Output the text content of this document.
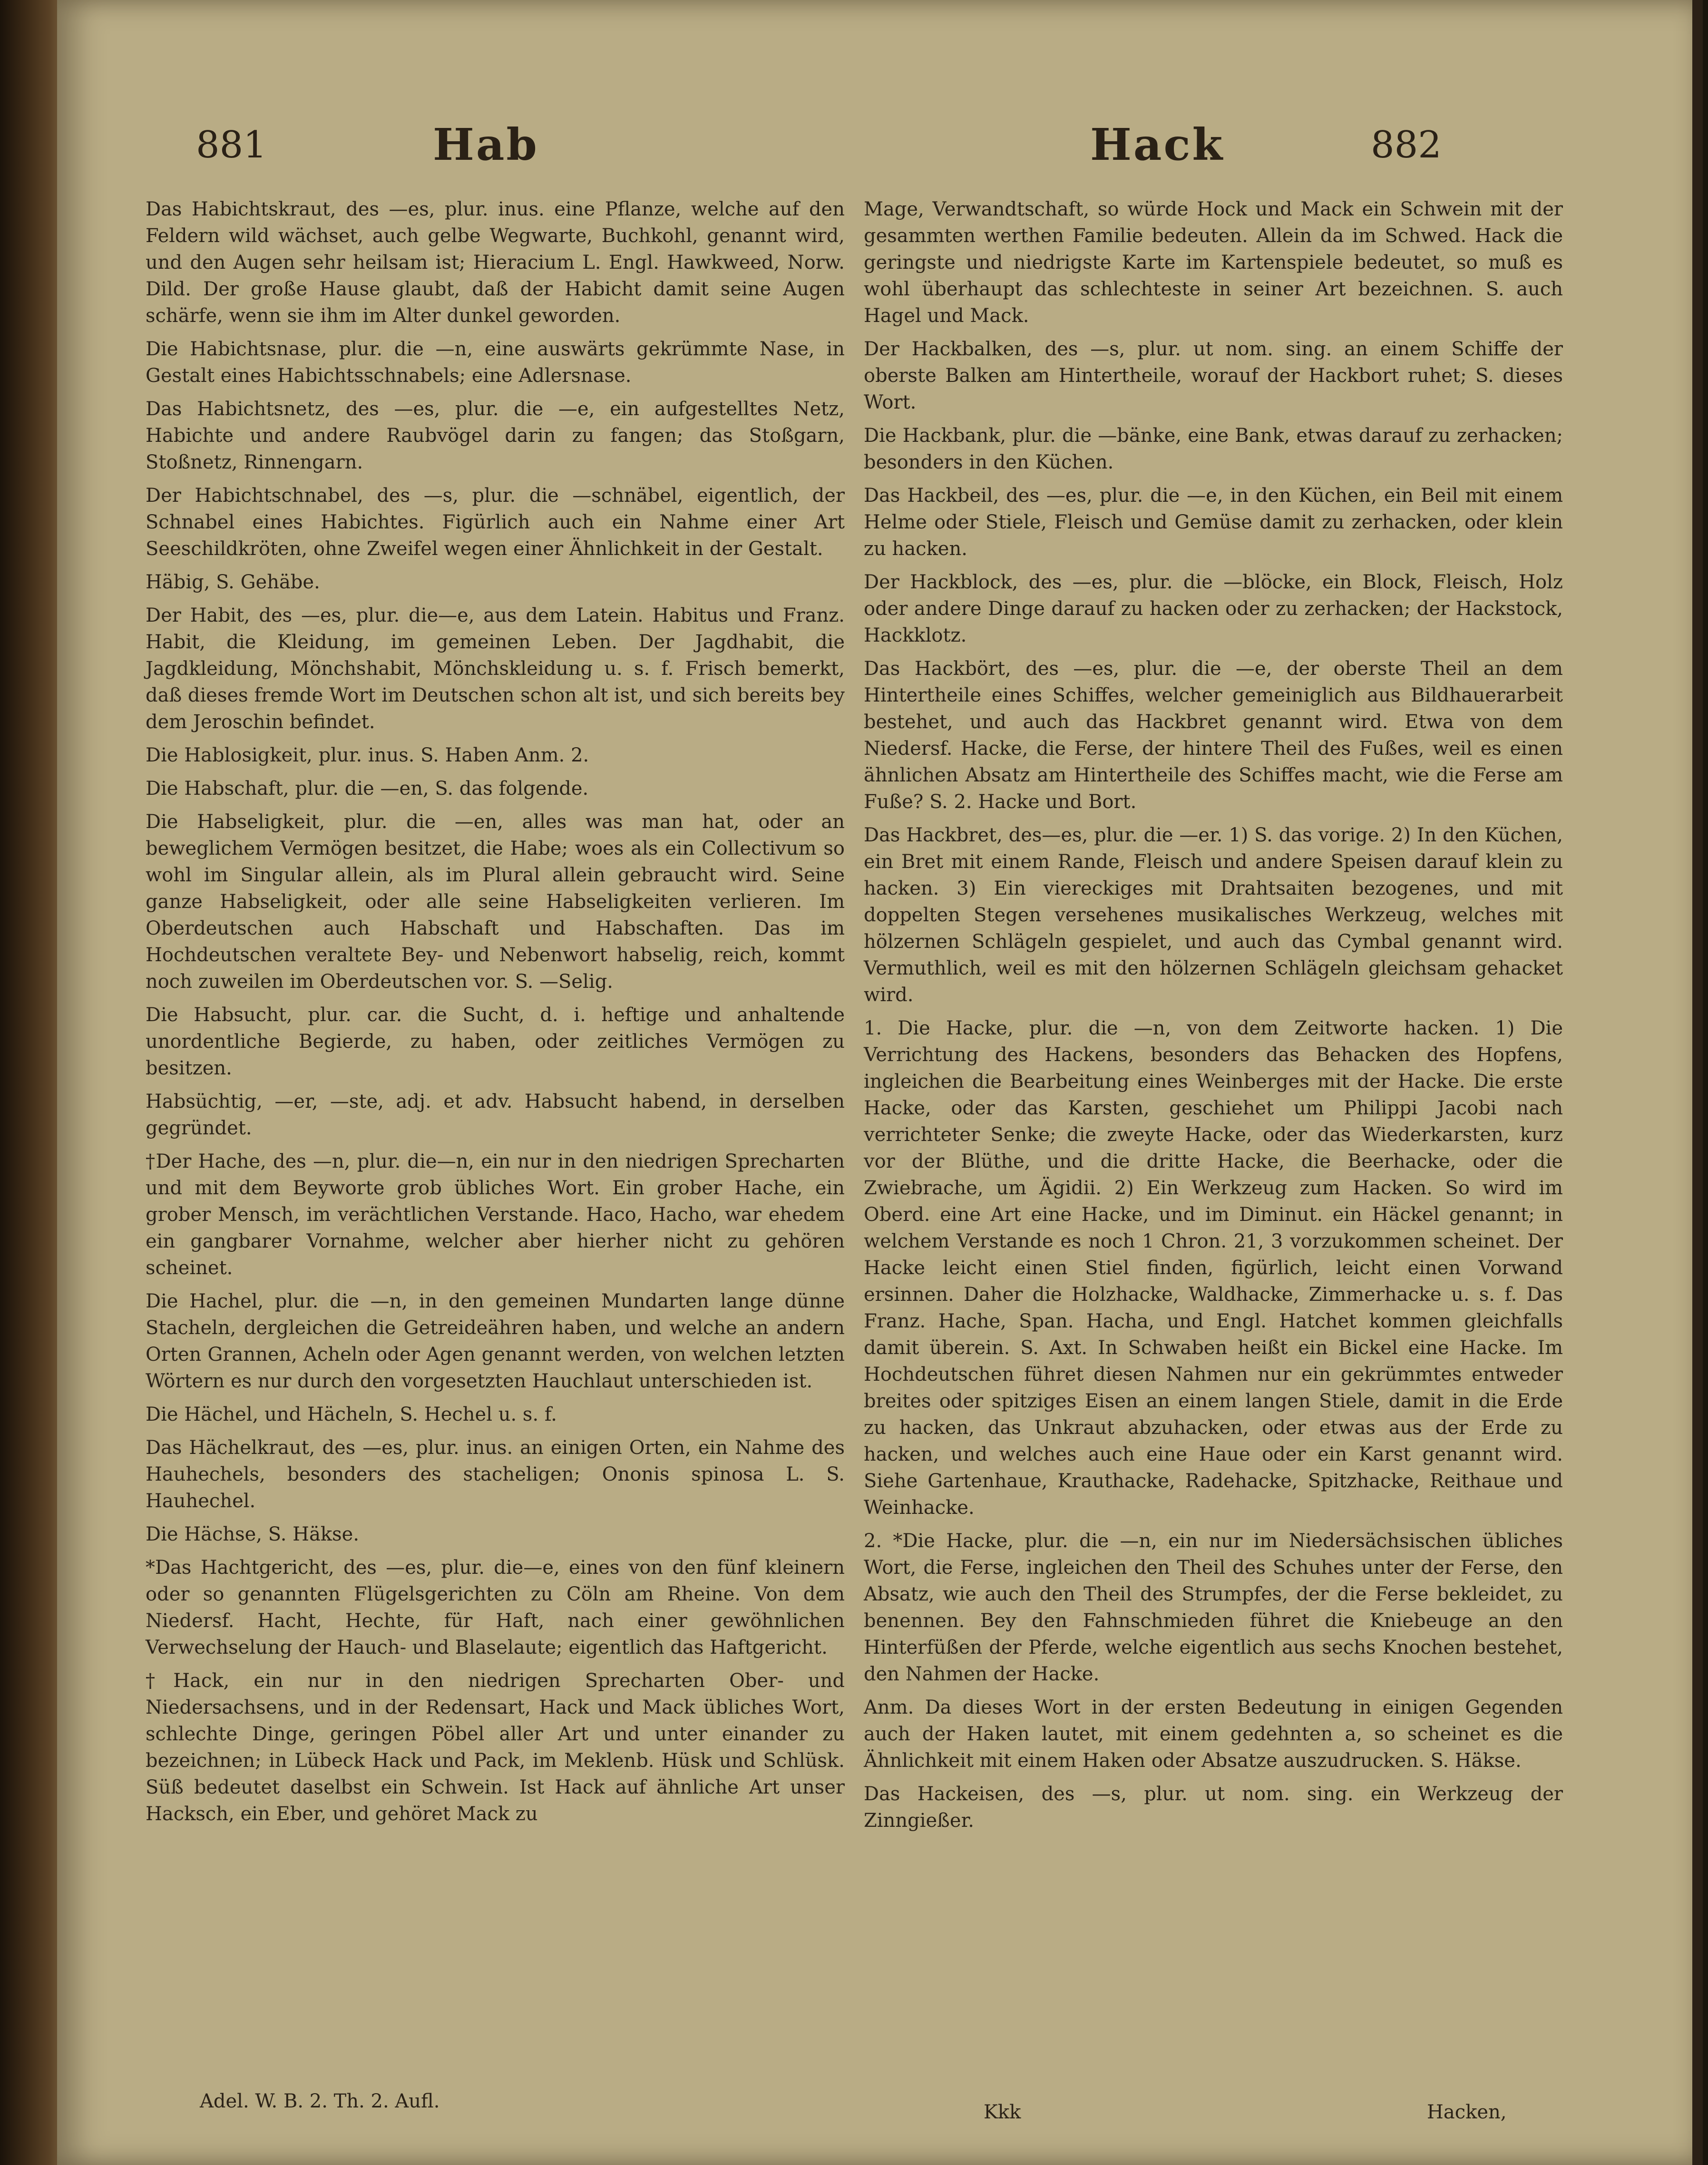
881	Hab	Hack	882

Das Habichtskraut, des —es, plur. inus. eine Pflanze, welche auf den Feldern wild wächset, auch gelbe Wegwarte, Buchkohl, genannt wird, und den Augen sehr heilsam ist; Hieracium L. Engl. Hawkweed, Norw. Dild. Der große Hause glaubt, daß der Habicht damit seine Augen schärfe, wenn sie ihm im Alter dunkel geworden.

Die Habichtsnase, plur. die —n, eine auswärts gekrümmte Nase, in Gestalt eines Habichtsschnabels; eine Adlersnase.

Das Habichtsnetz, des —es, plur. die —e, ein aufgestelltes Netz, Habichte und andere Raubvögel darin zu fangen; das Stoßgarn, Stoßnetz, Rinnengarn.

Der Habichtschnabel, des —s, plur. die —schnäbel, eigentlich, der Schnabel eines Habichtes. Figürlich auch ein Nahme einer Art Seeschildkröten, ohne Zweifel wegen einer Ähnlichkeit in der Gestalt.

Häbig, S. Gehäbe.

Der Habit, des —es, plur. die—e, aus dem Latein. Habitus und Franz. Habit, die Kleidung, im gemeinen Leben. Der Jagdhabit, die Jagdkleidung, Mönchshabit, Mönchskleidung u. s. f. Frisch bemerkt, daß dieses fremde Wort im Deutschen schon alt ist, und sich bereits bey dem Jeroschin befindet.

Die Hablosigkeit, plur. inus. S. Haben Anm. 2.

Die Habschaft, plur. die —en, S. das folgende.

Die Habseligkeit, plur. die —en, alles was man hat, oder an beweglichem Vermögen besitzet, die Habe; woes als ein Collectivum so wohl im Singular allein, als im Plural allein gebraucht wird. Seine ganze Habseligkeit, oder alle seine Habseligkeiten verlieren. Im Oberdeutschen auch Habschaft und Habschaften. Das im Hochdeutschen veraltete Bey- und Nebenwort habselig, reich, kommt noch zuweilen im Oberdeutschen vor. S. —Selig.

Die Habsucht, plur. car. die Sucht, d. i. heftige und anhaltende unordentliche Begierde, zu haben, oder zeitliches Vermögen zu besitzen.

Habsüchtig, —er, —ste, adj. et adv. Habsucht habend, in derselben gegründet.

†Der Hache, des —n, plur. die—n, ein nur in den niedrigen Sprecharten und mit dem Beyworte grob übliches Wort. Ein grober Hache, ein grober Mensch, im verächtlichen Verstande. Haco, Hacho, war ehedem ein gangbarer Vornahme, welcher aber hierher nicht zu gehören scheinet.

Die Hachel, plur. die —n, in den gemeinen Mundarten lange dünne Stacheln, dergleichen die Getreideähren haben, und welche an andern Orten Grannen, Acheln oder Agen genannt werden, von welchen letzten Wörtern es nur durch den vorgesetzten Hauchlaut unterschieden ist.

Die Hächel, und Hächeln, S. Hechel u. s. f.

Das Hächelkraut, des —es, plur. inus. an einigen Orten, ein Nahme des Hauhechels, besonders des stacheligen; Ononis spinosa L. S. Hauhechel.

Die Hächse, S. Häkse.

*Das Hachtgericht, des —es, plur. die—e, eines von den fünf kleinern oder so genannten Flügelsgerichten zu Cöln am Rheine. Von dem Niedersf. Hacht, Hechte, für Haft, nach einer gewöhnlichen Verwechselung der Hauch- und Blaselaute; eigentlich das Haftgericht.

†Hack, ein nur in den niedrigen Sprecharten Ober- und Niedersachsens, und in der Redensart, Hack und Mack übliches Wort, schlechte Dinge, geringen Pöbel aller Art und unter einander zu bezeichnen; in Lübeck Hack und Pack, im Meklenb. Hüsk und Schlüsk. Süß bedeutet daselbst ein Schwein. Ist Hack auf ähnliche Art unser Hacksch, ein Eber, und gehöret Mack zu

Mage, Verwandtschaft, so würde Hock und Mack ein Schwein mit der gesammten werthen Familie bedeuten. Allein da im Schwed. Hack die geringste und niedrigste Karte im Kartenspiele bedeutet, so muß es wohl überhaupt das schlechteste in seiner Art bezeichnen. S. auch Hagel und Mack.

Der Hackbalken, des —s, plur. ut nom. sing. an einem Schiffe der oberste Balken am Hintertheile, worauf der Hackbort ruhet; S. dieses Wort.

Die Hackbank, plur. die —bänke, eine Bank, etwas darauf zu zerhacken; besonders in den Küchen.

Das Hackbeil, des —es, plur. die —e, in den Küchen, ein Beil mit einem Helme oder Stiele, Fleisch und Gemüse damit zu zerhacken, oder klein zu hacken.

Der Hackblock, des —es, plur. die —blöcke, ein Block, Fleisch, Holz oder andere Dinge darauf zu hacken oder zu zerhacken; der Hackstock, Hackklotz.

Das Hackbört, des —es, plur. die —e, der oberste Theil an dem Hintertheile eines Schiffes, welcher gemeiniglich aus Bildhauerarbeit bestehet, und auch das Hackbret genannt wird. Etwa von dem Niedersf. Hacke, die Ferse, der hintere Theil des Fußes, weil es einen ähnlichen Absatz am Hintertheile des Schiffes macht, wie die Ferse am Fuße? S. 2. Hacke und Bort.

Das Hackbret, des—es, plur. die —er. 1) S. das vorige. 2) In den Küchen, ein Bret mit einem Rande, Fleisch und andere Speisen darauf klein zu hacken. 3) Ein viereckiges mit Drahtsaiten bezogenes, und mit doppelten Stegen versehenes musikalisches Werkzeug, welches mit hölzernen Schlägeln gespielet, und auch das Cymbal genannt wird. Vermuthlich, weil es mit den hölzernen Schlägeln gleichsam gehacket wird.

1. Die Hacke, plur. die —n, von dem Zeitworte hacken. 1) Die Verrichtung des Hackens, besonders das Behacken des Hopfens, ingleichen die Bearbeitung eines Weinberges mit der Hacke. Die erste Hacke, oder das Karsten, geschiehet um Philippi Jacobi nach verrichteter Senke; die zweyte Hacke, oder das Wiederkarsten, kurz vor der Blüthe, und die dritte Hacke, die Beerhacke, oder die Zwiebrache, um Ägidii. 2) Ein Werkzeug zum Hacken. So wird im Oberd. eine Art eine Hacke, und im Diminut. ein Häckel genannt; in welchem Verstande es noch 1 Chron. 21, 3 vorzukommen scheinet. Der Hacke leicht einen Stiel finden, figürlich, leicht einen Vorwand ersinnen. Daher die Holzhacke, Waldhacke, Zimmerhacke u. s. f. Das Franz. Hache, Span. Hacha, und Engl. Hatchet kommen gleichfalls damit überein. S. Axt. In Schwaben heißt ein Bickel eine Hacke. Im Hochdeutschen führet diesen Nahmen nur ein gekrümmtes entweder breites oder spitziges Eisen an einem langen Stiele, damit in die Erde zu hacken, das Unkraut abzuhacken, oder etwas aus der Erde zu hacken, und welches auch eine Haue oder ein Karst genannt wird. Siehe Gartenhaue, Krauthacke, Radehacke, Spitzhacke, Reithaue und Weinhacke.

2. *Die Hacke, plur. die —n, ein nur im Niedersächsischen übliches Wort, die Ferse, ingleichen den Theil des Schuhes unter der Ferse, den Absatz, wie auch den Theil des Strumpfes, der die Ferse bekleidet, zu benennen. Bey den Fahnschmieden führet die Kniebeuge an den Hinterfüßen der Pferde, welche eigentlich aus sechs Knochen bestehet, den Nahmen der Hacke.

Anm. Da dieses Wort in der ersten Bedeutung in einigen Gegenden auch der Haken lautet, mit einem gedehnten a, so scheinet es die Ähnlichkeit mit einem Haken oder Absatze auszudrucken. S. Häkse.

Das Hackeisen, des —s, plur. ut nom. sing. ein Werkzeug der Zinngießer.

Adel. W. B. 2. Th. 2. Aufl.	Kkk	Hacken,
